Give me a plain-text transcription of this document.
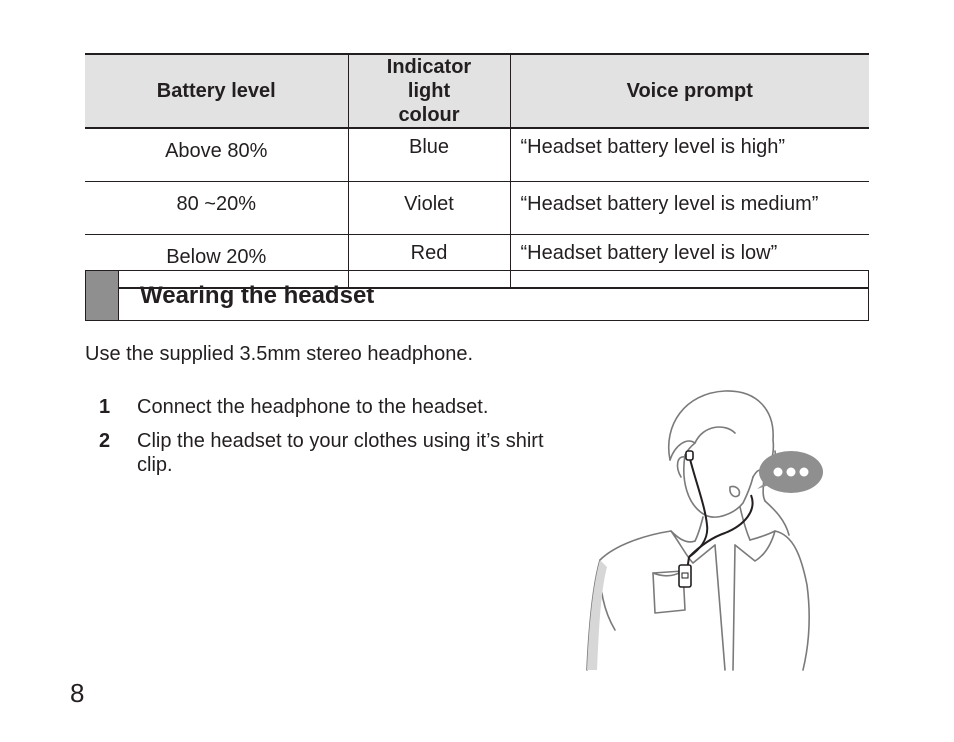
Battery level	Indicator light colour	Voice prompt
Above 80%	Blue	“Headset battery level is high”
80 ~20%	Violet	“Headset battery level is medium”
Below 20%	Red	“Headset battery level is low”
Wearing the headset
Use the supplied 3.5mm stereo headphone.
1	Connect the headphone to the headset.
2	Clip the headset to your clothes using it’s shirt clip.
8
